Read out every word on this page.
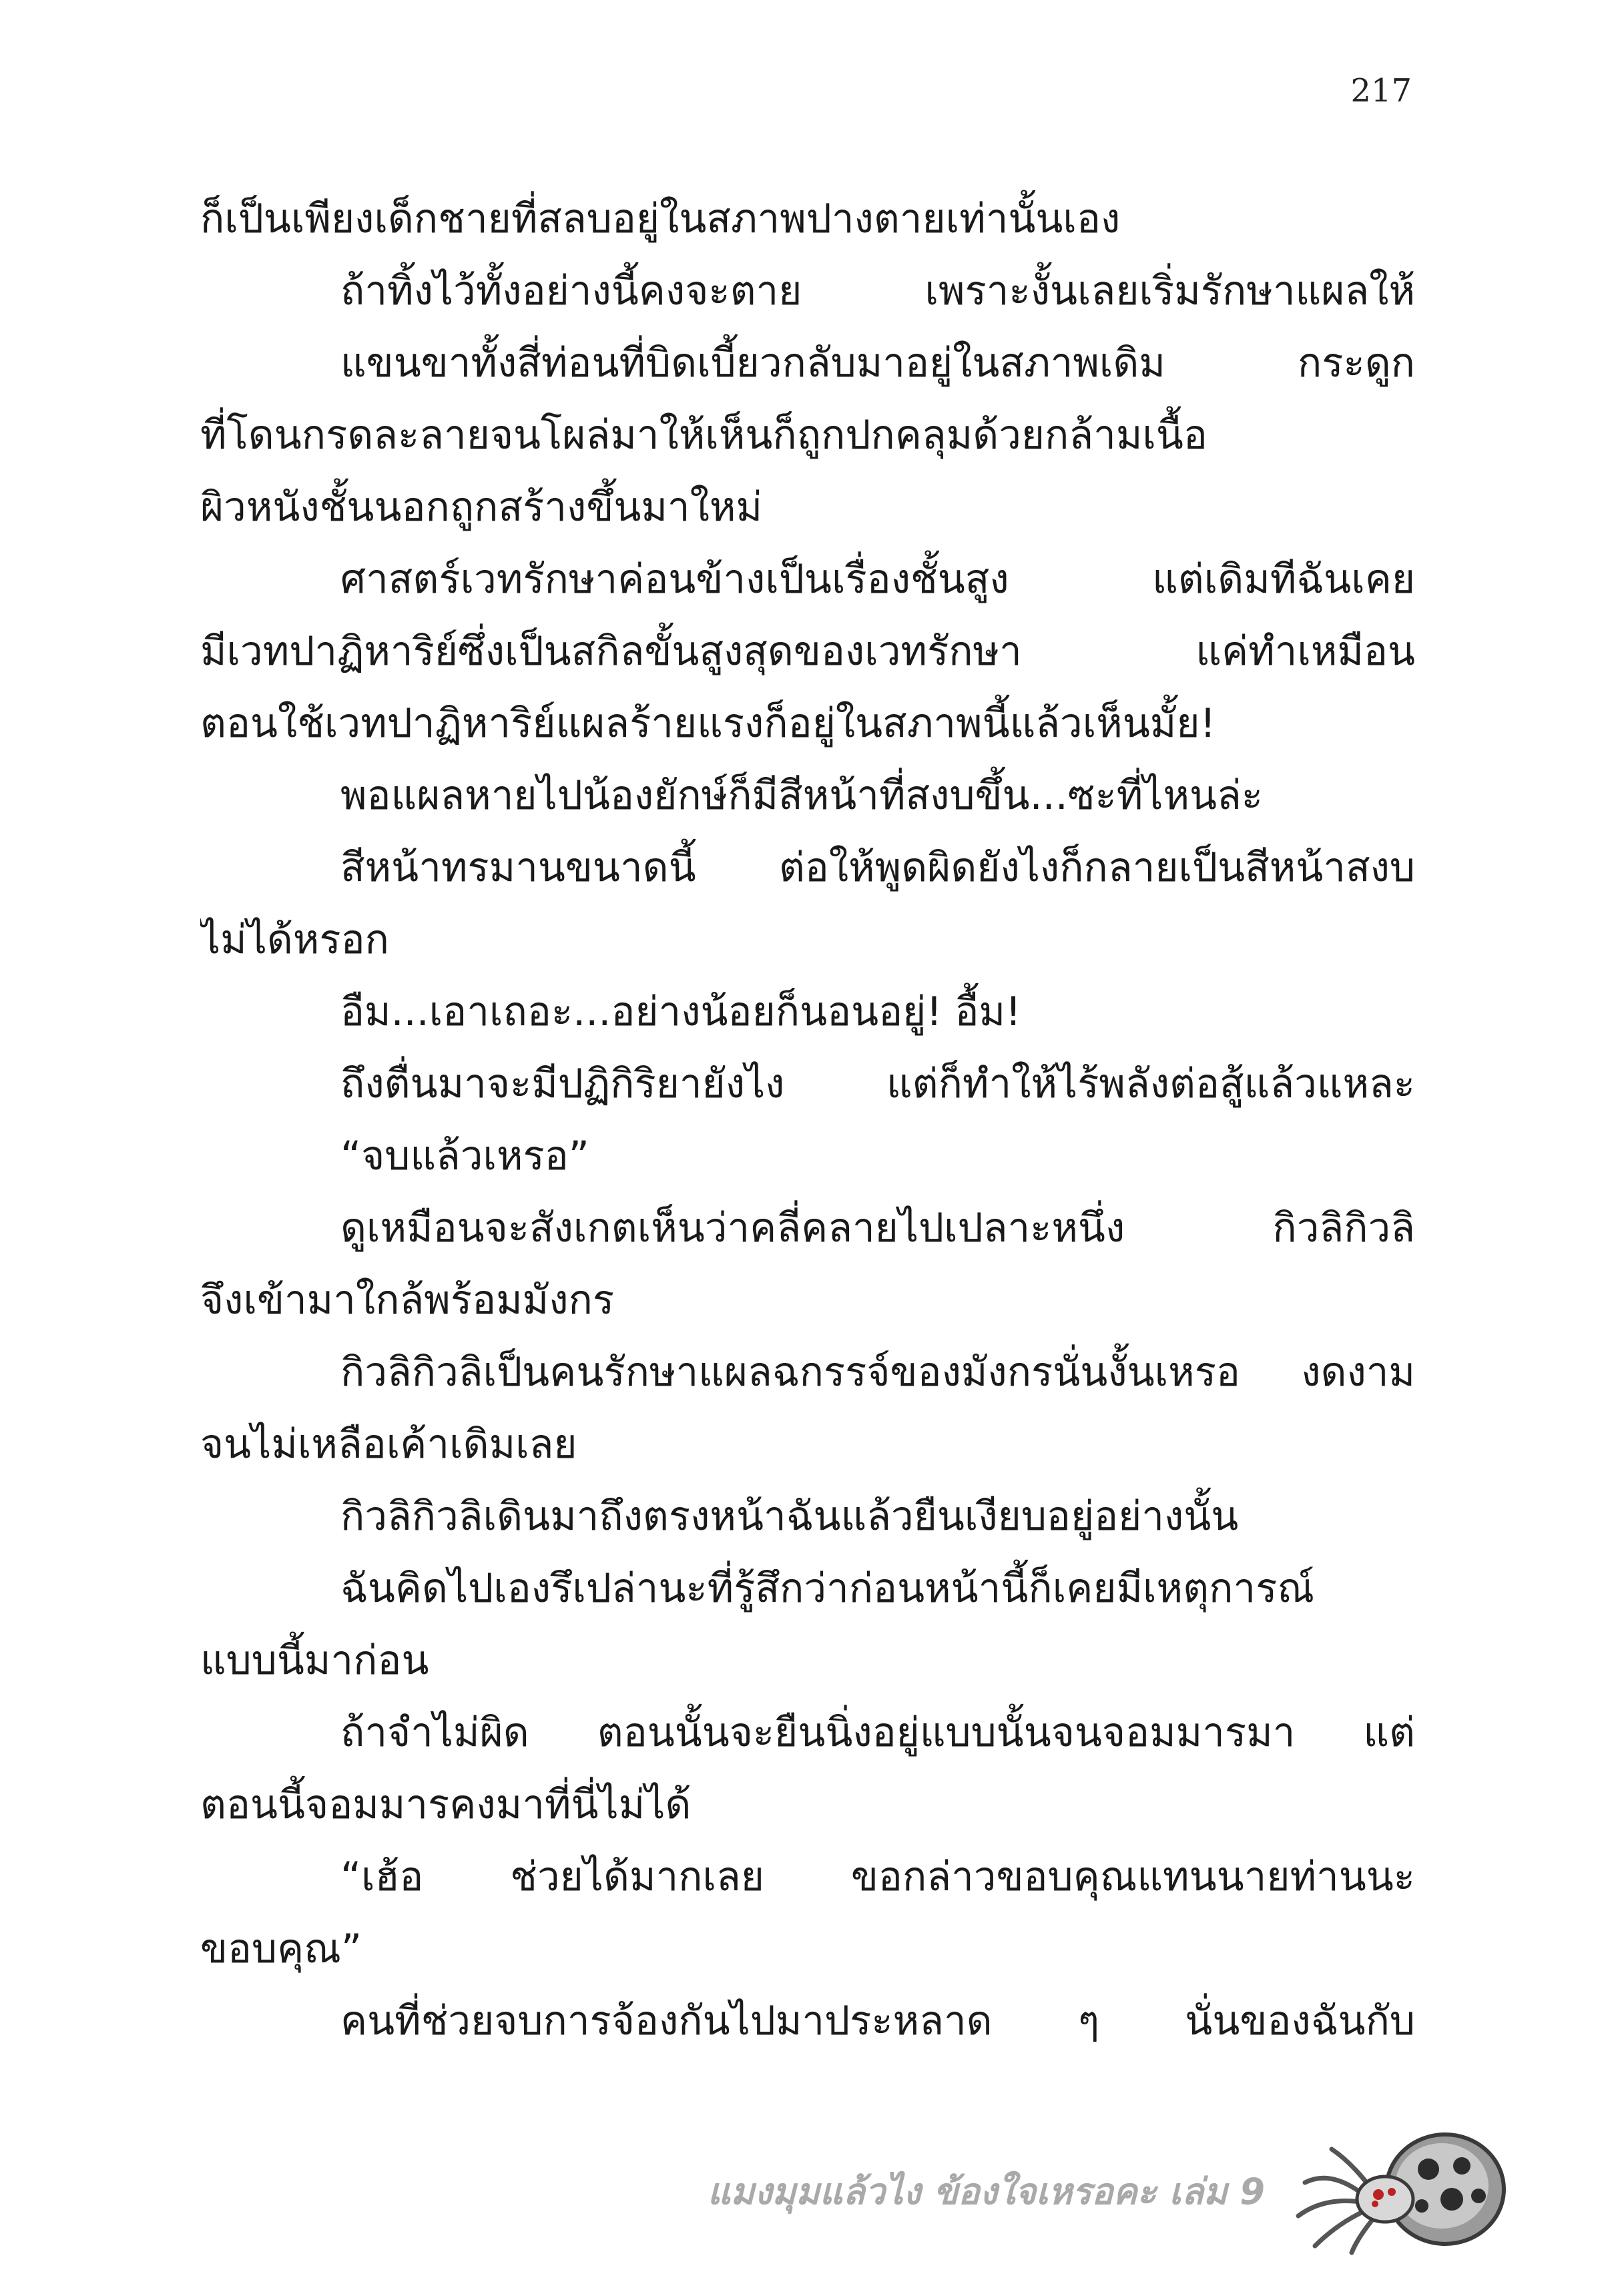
217
ก็เป็นเพียงเด็กชายที่สลบอยู่ในสภาพปางตายเท่านั้นเอง
ถ้าทิ้งไว้ทั้งอย่างนี้คงจะตาย เพราะงั้นเลยเริ่มรักษาแผลให้
แขนขาทั้งสี่ท่อนที่บิดเบี้ยวกลับมาอยู่ในสภาพเดิม กระดูก
ที่โดนกรดละลายจนโผล่มาให้เห็นก็ถูกปกคลุมด้วยกล้ามเนื้อ
ผิวหนังชั้นนอกถูกสร้างขึ้นมาใหม่
ศาสตร์เวทรักษาค่อนข้างเป็นเรื่องชั้นสูง แต่เดิมทีฉันเคย
มีเวทปาฏิหาริย์ซึ่งเป็นสกิลขั้นสูงสุดของเวทรักษา แค่ทำเหมือน
ตอนใช้เวทปาฏิหาริย์แผลร้ายแรงก็อยู่ในสภาพนี้แล้วเห็นมั้ย!
พอแผลหายไปน้องยักษ์ก็มีสีหน้าที่สงบขึ้น...ซะที่ไหนล่ะ
สีหน้าทรมานขนาดนี้ ต่อให้พูดผิดยังไงก็กลายเป็นสีหน้าสงบ
ไม่ได้หรอก
อืม...เอาเถอะ...อย่างน้อยก็นอนอยู่! อื้ม!
ถึงตื่นมาจะมีปฏิกิริยายังไง แต่ก็ทำให้ไร้พลังต่อสู้แล้วแหละ
“จบแล้วเหรอ”
ดูเหมือนจะสังเกตเห็นว่าคลี่คลายไปเปลาะหนึ่ง กิวลิกิวลิ
จึงเข้ามาใกล้พร้อมมังกร
กิวลิกิวลิเป็นคนรักษาแผลฉกรรจ์ของมังกรนั่นงั้นเหรอ งดงาม
จนไม่เหลือเค้าเดิมเลย
กิวลิกิวลิเดินมาถึงตรงหน้าฉันแล้วยืนเงียบอยู่อย่างนั้น
ฉันคิดไปเองรึเปล่านะที่รู้สึกว่าก่อนหน้านี้ก็เคยมีเหตุการณ์
แบบนี้มาก่อน
ถ้าจำไม่ผิด ตอนนั้นจะยืนนิ่งอยู่แบบนั้นจนจอมมารมา แต่
ตอนนี้จอมมารคงมาที่นี่ไม่ได้
“เฮ้อ ช่วยได้มากเลย ขอกล่าวขอบคุณแทนนายท่านนะ
ขอบคุณ”
คนที่ช่วยจบการจ้องกันไปมาประหลาด ๆ นั่นของฉันกับ
แมงมุมแล้วไง ข้องใจเหรอคะ เล่ม 9
